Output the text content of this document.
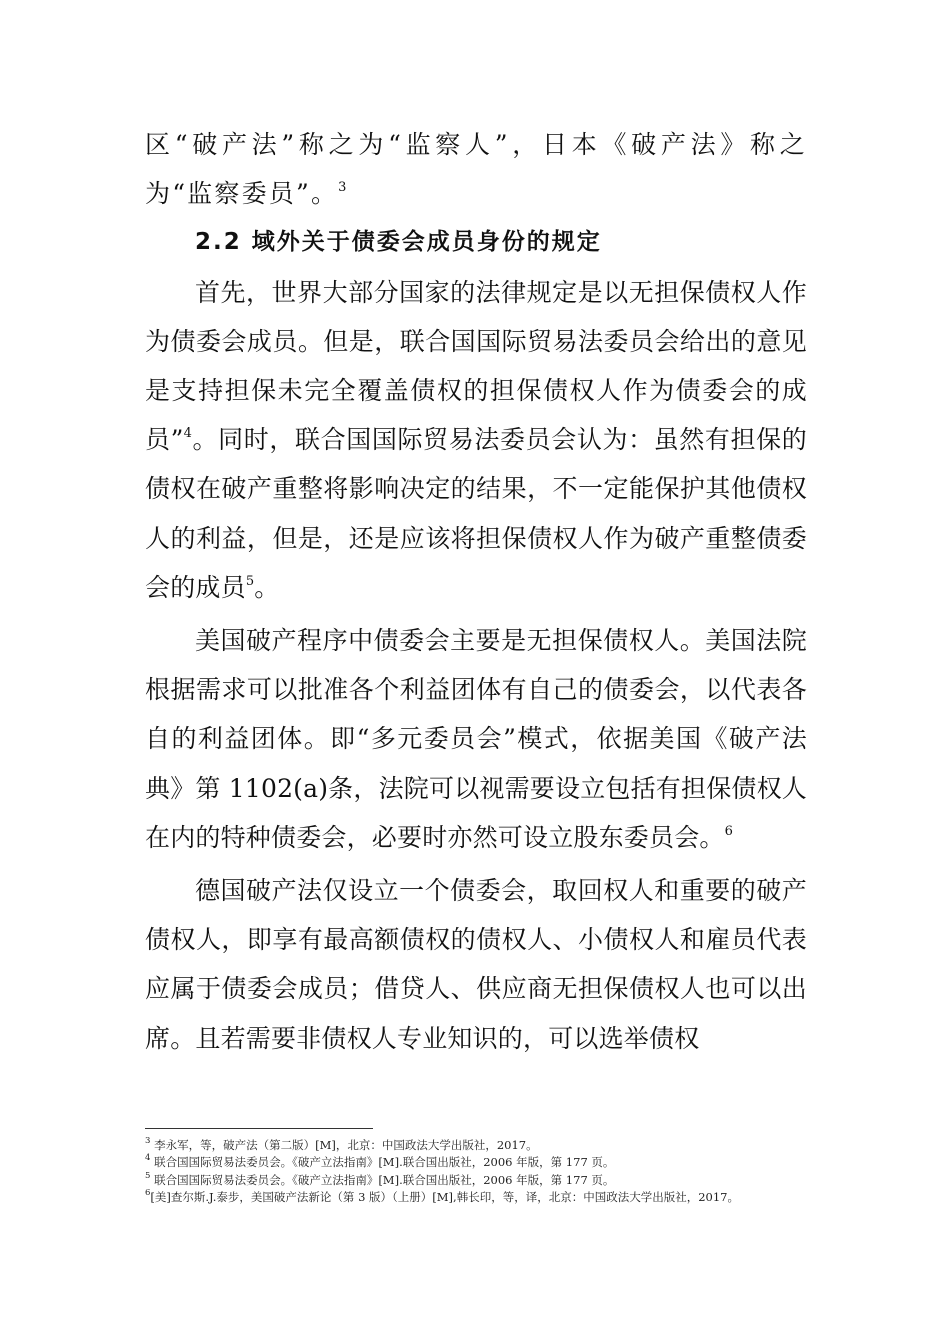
区“破产法”称之为“监察人”，日本《破产法》称之为“监察委员”。$^3$

2.2 域外关于债委会成员身份的规定

首先，世界大部分国家的法律规定是以无担保债权人作为债委会成员。但是，联合国国际贸易法委员会给出的意见是支持担保未完全覆盖债权的担保债权人作为债委会的成员”$^4$。同时，联合国国际贸易法委员会认为：虽然有担保的债权在破产重整将影响决定的结果，不一定能保护其他债权人的利益，但是，还是应该将担保债权人作为破产重整债委会的成员$^5$。

美国破产程序中债委会主要是无担保债权人。美国法院根据需求可以批准各个利益团体有自己的债委会，以代表各自的利益团体。即“多元委员会”模式，依据美国《破产法典》第 1102(a)条，法院可以视需要设立包括有担保债权人在内的特种债委会，必要时亦然可设立股东委员会。$^6$

德国破产法仅设立一个债委会，取回权人和重要的破产债权人，即享有最高额债权的债权人、小债权人和雇员代表应属于债委会成员；借贷人、供应商无担保债权人也可以出席。且若需要非债权人专业知识的，可以选举债权

$^3$ 李永军，等，破产法（第二版）[M]，北京：中国政法大学出版社，2017。

$^4$ 联合国国际贸易法委员会。《破产立法指南》[M].联合国出版社，2006 年版，第 177 页。

$^5$ 联合国国际贸易法委员会。《破产立法指南》[M].联合国出版社，2006 年版，第 177 页。

$^6$[美]查尔斯.J.泰步，美国破产法新论（第 3 版）（上册）[M],韩长印，等，译，北京：中国政法大学出版社，2017。
